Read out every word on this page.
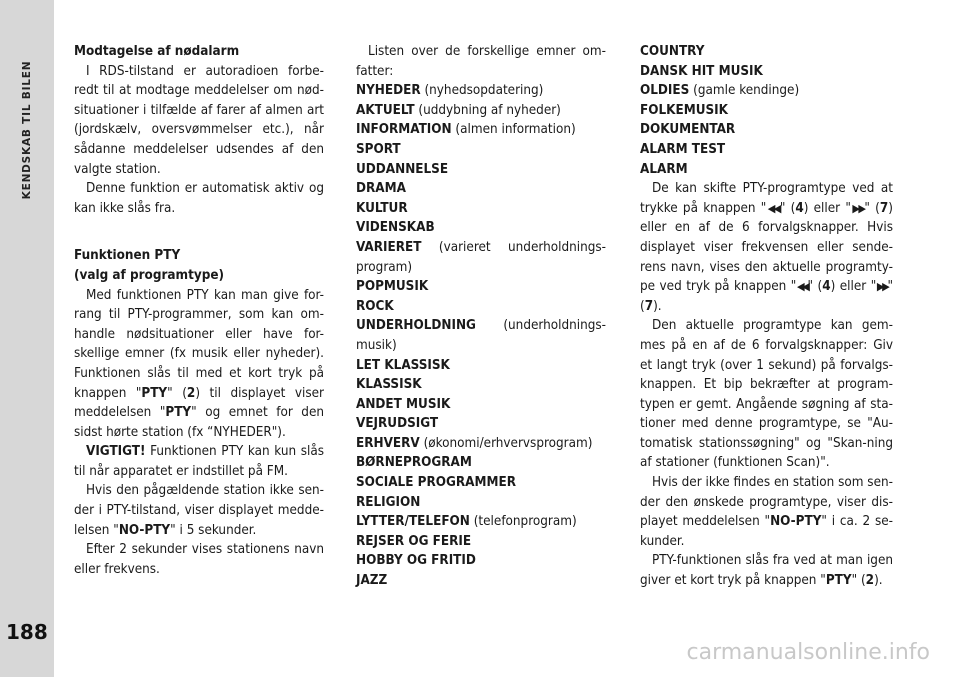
KENDSKAB TIL BILEN
188

Modtagelse af nødalarm

I RDS-tilstand er autoradioen forbe-redt til at modtage meddelelser om nød-situationer i tilfælde af farer af almen art (jordskælv, oversvømmelser etc.), når sådanne meddelelser udsendes af den valgte station.

Denne funktion er automatisk aktiv og kan ikke slås fra.

Funktionen PTY

(valg af programtype)

Med funktionen PTY kan man give for-rang til PTY-programmer, som kan om-handle nødsituationer eller have for-skellige emner (fx musik eller nyheder). Funktionen slås til med et kort tryk på knappen "PTY" (2) til displayet viser meddelelsen "PTY" og emnet for den sidst hørte station (fx “NYHEDER").

VIGTIGT! Funktionen PTY kan kun slås til når apparatet er indstillet på FM.

Hvis den pågældende station ikke sen-der i PTY-tilstand, viser displayet medde-lelsen "NO-PTY" i 5 sekunder.

Efter 2 sekunder vises stationens navn eller frekvens.

Listen over de forskellige emner om-fatter:

NYHEDER (nyhedsopdatering)

AKTUELT (uddybning af nyheder)

INFORMATION (almen information)

SPORT

UDDANNELSE

DRAMA

KULTUR

VIDENSKAB

VARIERET (varieret underholdnings-program)

POPMUSIK

ROCK

UNDERHOLDNING (underholdnings-musik)

LET KLASSISK

KLASSISK

ANDET MUSIK

VEJRUDSIGT

ERHVERV (økonomi/erhvervsprogram)

BØRNEPROGRAM

SOCIALE PROGRAMMER

RELIGION

LYTTER/TELEFON (telefonprogram)

REJSER OG FERIE

HOBBY OG FRITID

JAZZ

COUNTRY

DANSK HIT MUSIK

OLDIES (gamle kendinge)

FOLKEMUSIK

DOKUMENTAR

ALARM TEST

ALARM

De kan skifte PTY-programtype ved at trykke på knappen "◀◀" (4) eller "▶▶" (7) eller en af de 6 forvalgsknapper. Hvis displayet viser frekvensen eller sende-rens navn, vises den aktuelle programty-pe ved tryk på knappen "◀◀" (4) eller "▶▶" (7).

Den aktuelle programtype kan gem-mes på en af de 6 forvalgsknapper: Giv et langt tryk (over 1 sekund) på forvalgs-knappen. Et bip bekræfter at program-typen er gemt. Angående søgning af sta-tioner med denne programtype, se "Au-tomatisk stationssøgning" og "Skan-ning af stationer (funktionen Scan)".

Hvis der ikke findes en station som sen-der den ønskede programtype, viser dis-playet meddelelsen "NO-PTY" i ca. 2 se-kunder.

PTY-funktionen slås fra ved at man igen giver et kort tryk på knappen "PTY" (2).

carmanualsonline.info
